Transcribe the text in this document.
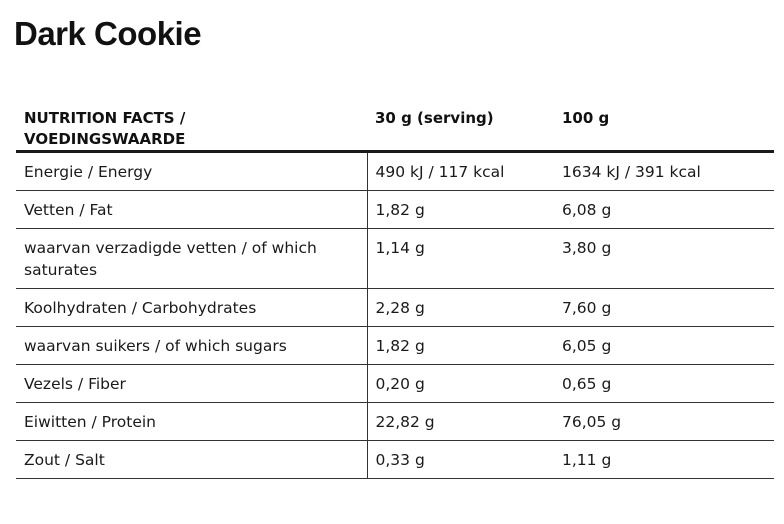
Dark Cookie
NUTRITION FACTS /
VOEDINGSWAARDE	30 g (serving)	100 g
Energie / Energy	490 kJ / 117 kcal	1634 kJ / 391 kcal
Vetten / Fat	1,82 g	6,08 g
waarvan verzadigde vetten / of which saturates	1,14 g	3,80 g
Koolhydraten / Carbohydrates	2,28 g	7,60 g
waarvan suikers / of which sugars	1,82 g	6,05 g
Vezels / Fiber	0,20 g	0,65 g
Eiwitten / Protein	22,82 g	76,05 g
Zout / Salt	0,33 g	1,11 g
